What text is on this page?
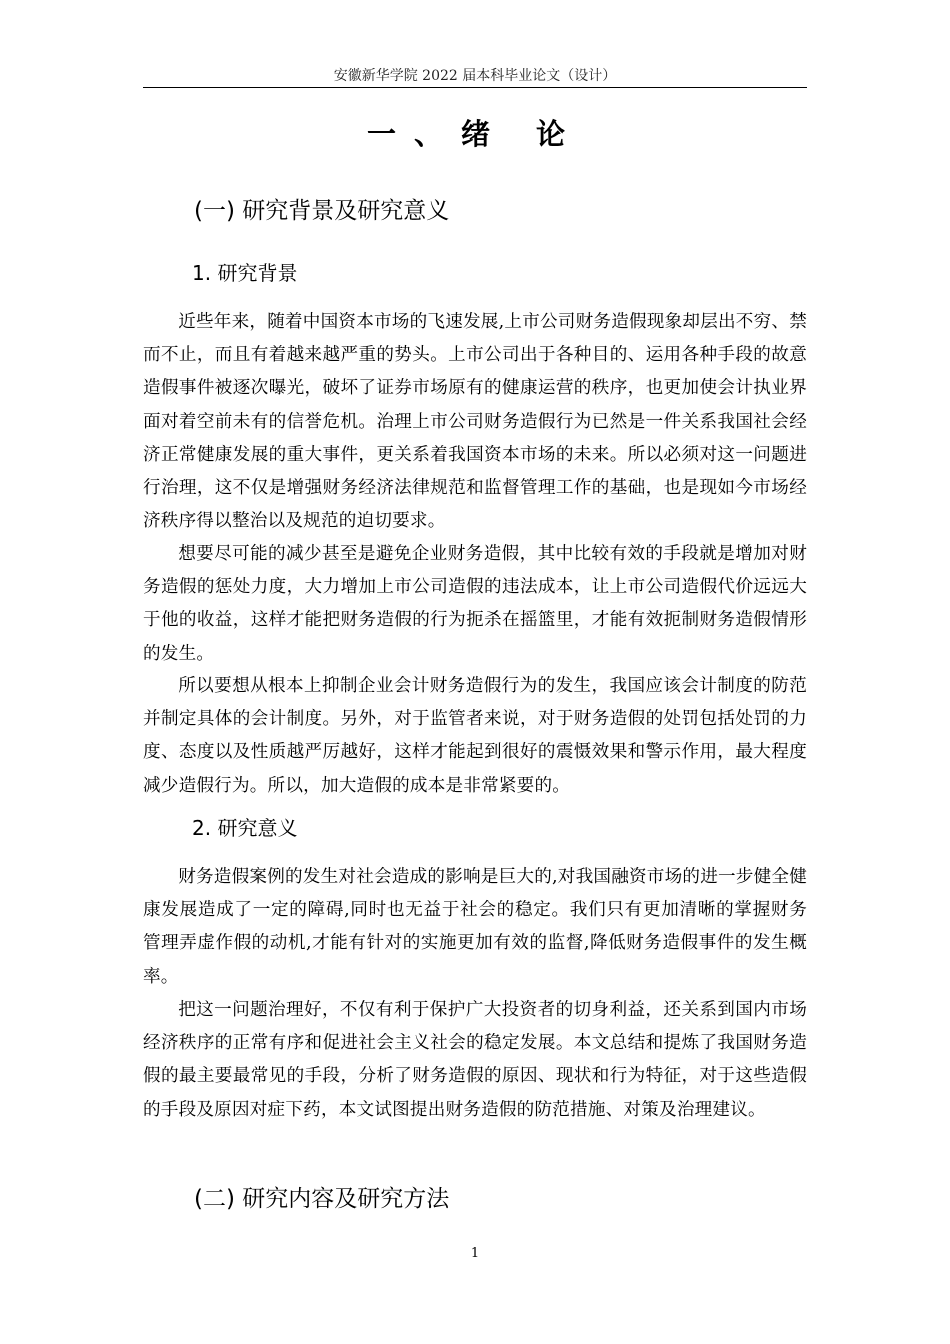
安徽新华学院 2022 届本科毕业论文（设计）
一、绪 论
(一) 研究背景及研究意义
1. 研究背景

近些年来，随着中国资本市场的飞速发展,上市公司财务造假现象却层出不穷、禁而不止，而且有着越来越严重的势头。上市公司出于各种目的、运用各种手段的故意造假事件被逐次曝光，破坏了证券市场原有的健康运营的秩序，也更加使会计执业界面对着空前未有的信誉危机。治理上市公司财务造假行为已然是一件关系我国社会经济正常健康发展的重大事件，更关系着我国资本市场的未来。所以必须对这一问题进行治理，这不仅是增强财务经济法律规范和监督管理工作的基础，也是现如今市场经济秩序得以整治以及规范的迫切要求。

想要尽可能的减少甚至是避免企业财务造假，其中比较有效的手段就是增加对财务造假的惩处力度，大力增加上市公司造假的违法成本，让上市公司造假代价远远大于他的收益，这样才能把财务造假的行为扼杀在摇篮里，才能有效扼制财务造假情形的发生。

所以要想从根本上抑制企业会计财务造假行为的发生，我国应该会计制度的防范并制定具体的会计制度。另外，对于监管者来说，对于财务造假的处罚包括处罚的力度、态度以及性质越严厉越好，这样才能起到很好的震慑效果和警示作用，最大程度减少造假行为。所以，加大造假的成本是非常紧要的。

2. 研究意义

财务造假案例的发生对社会造成的影响是巨大的,对我国融资市场的进一步健全健康发展造成了一定的障碍,同时也无益于社会的稳定。我们只有更加清晰的掌握财务管理弄虚作假的动机,才能有针对的实施更加有效的监督,降低财务造假事件的发生概率。

把这一问题治理好，不仅有利于保护广大投资者的切身利益，还关系到国内市场经济秩序的正常有序和促进社会主义社会的稳定发展。本文总结和提炼了我国财务造假的最主要最常见的手段，分析了财务造假的原因、现状和行为特征，对于这些造假的手段及原因对症下药，本文试图提出财务造假的防范措施、对策及治理建议。

(二) 研究内容及研究方法
1
